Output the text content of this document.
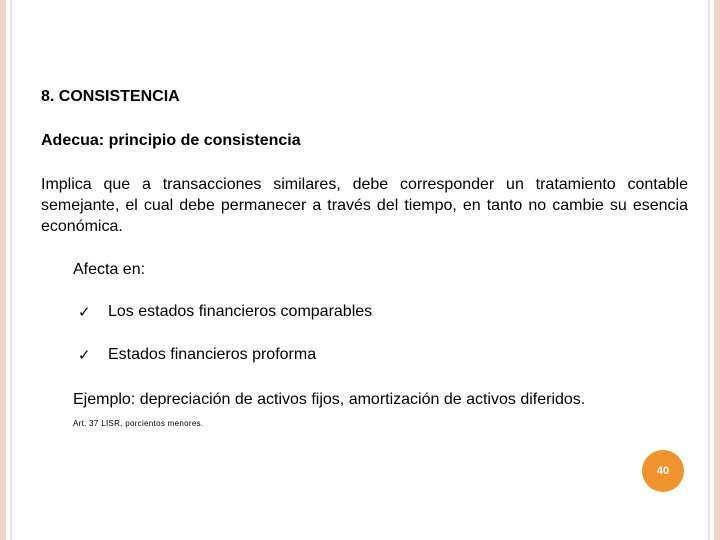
8. CONSISTENCIA
Adecua: principio de consistencia
Implica que a transacciones similares, debe corresponder un tratamiento contable semejante, el cual debe permanecer a través del tiempo, en tanto no cambie su esencia económica.
Afecta en:
✓	Los estados financieros comparables
✓	Estados financieros proforma
Ejemplo: depreciación de activos fijos, amortización de activos diferidos.
Art. 37 LISR, porcientos menores.
40
